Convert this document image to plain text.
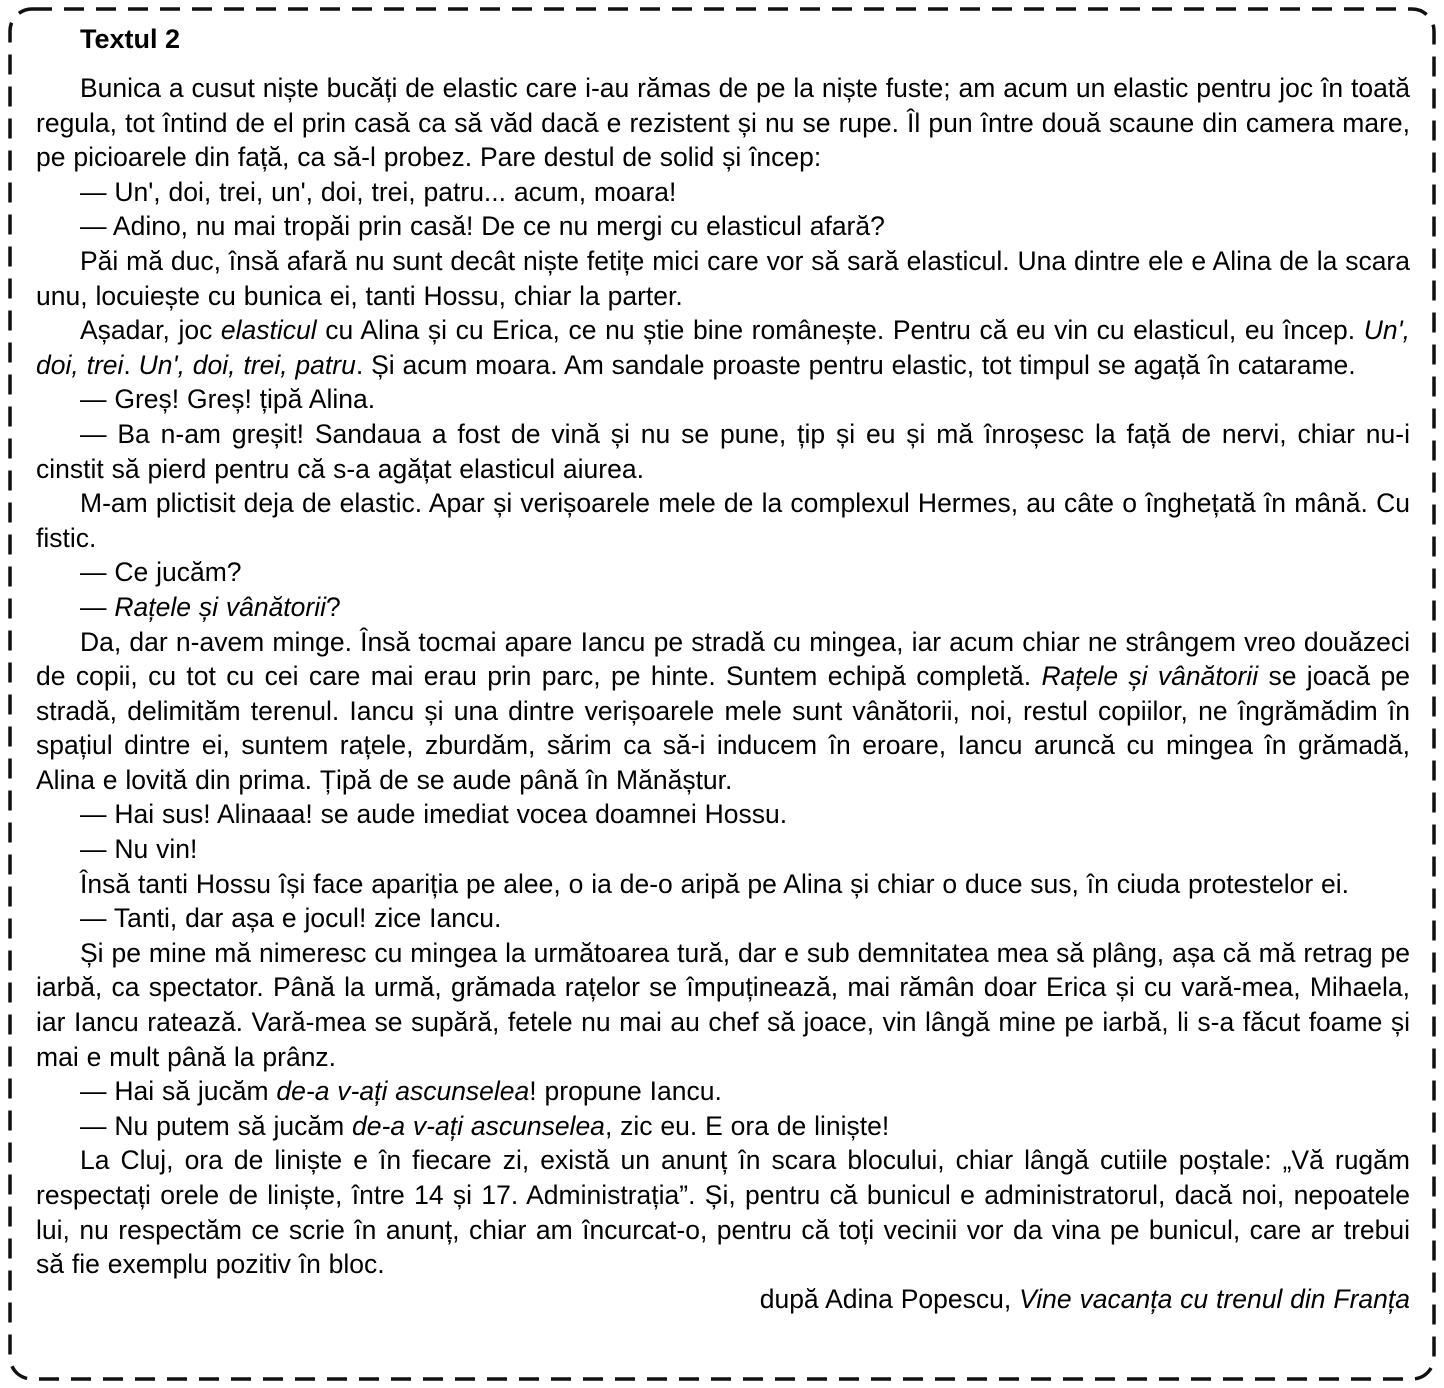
Textul 2

Bunica a cusut niște bucăți de elastic care i-au rămas de pe la niște fuste; am acum un elastic pentru joc în toată regula, tot întind de el prin casă ca să văd dacă e rezistent și nu se rupe. Îl pun între două scaune din camera mare, pe picioarele din față, ca să-l probez. Pare destul de solid și încep:

— Un', doi, trei, un', doi, trei, patru... acum, moara!

— Adino, nu mai tropăi prin casă! De ce nu mergi cu elasticul afară?

Păi mă duc, însă afară nu sunt decât niște fetițe mici care vor să sară elasticul. Una dintre ele e Alina de la scara unu, locuiește cu bunica ei, tanti Hossu, chiar la parter.

Așadar, joc elasticul cu Alina și cu Erica, ce nu știe bine românește. Pentru că eu vin cu elasticul, eu încep. Un', doi, trei. Un', doi, trei, patru. Și acum moara. Am sandale proaste pentru elastic, tot timpul se agață în catarame.

— Greș! Greș! țipă Alina.

— Ba n-am greșit! Sandaua a fost de vină și nu se pune, țip și eu și mă înroșesc la față de nervi, chiar nu-i cinstit să pierd pentru că s-a agățat elasticul aiurea.

M-am plictisit deja de elastic. Apar și verișoarele mele de la complexul Hermes, au câte o înghețată în mână. Cu fistic.

— Ce jucăm?

— Rațele și vânătorii?

Da, dar n-avem minge. Însă tocmai apare Iancu pe stradă cu mingea, iar acum chiar ne strângem vreo douăzeci de copii, cu tot cu cei care mai erau prin parc, pe hinte. Suntem echipă completă. Rațele și vânătorii se joacă pe stradă, delimităm terenul. Iancu și una dintre verișoarele mele sunt vânătorii, noi, restul copiilor, ne îngrămădim în spațiul dintre ei, suntem rațele, zburdăm, sărim ca să-i inducem în eroare, Iancu aruncă cu mingea în grămadă, Alina e lovită din prima. Țipă de se aude până în Mănăștur.

— Hai sus! Alinaaa! se aude imediat vocea doamnei Hossu.

— Nu vin!

Însă tanti Hossu își face apariția pe alee, o ia de-o aripă pe Alina și chiar o duce sus, în ciuda protestelor ei.

— Tanti, dar așa e jocul! zice Iancu.

Și pe mine mă nimeresc cu mingea la următoarea tură, dar e sub demnitatea mea să plâng, așa că mă retrag pe iarbă, ca spectator. Până la urmă, grămada rațelor se împuținează, mai rămân doar Erica și cu vară-mea, Mihaela, iar Iancu ratează. Vară-mea se supără, fetele nu mai au chef să joace, vin lângă mine pe iarbă, li s-a făcut foame și mai e mult până la prânz.

— Hai să jucăm de-a v-ați ascunselea! propune Iancu.

— Nu putem să jucăm de-a v-ați ascunselea, zic eu. E ora de liniște!

La Cluj, ora de liniște e în fiecare zi, există un anunț în scara blocului, chiar lângă cutiile poștale: „Vă rugăm respectați orele de liniște, între 14 și 17. Administrația”. Și, pentru că bunicul e administratorul, dacă noi, nepoatele lui, nu respectăm ce scrie în anunț, chiar am încurcat-o, pentru că toți vecinii vor da vina pe bunicul, care ar trebui să fie exemplu pozitiv în bloc.

după Adina Popescu, Vine vacanța cu trenul din Franța
